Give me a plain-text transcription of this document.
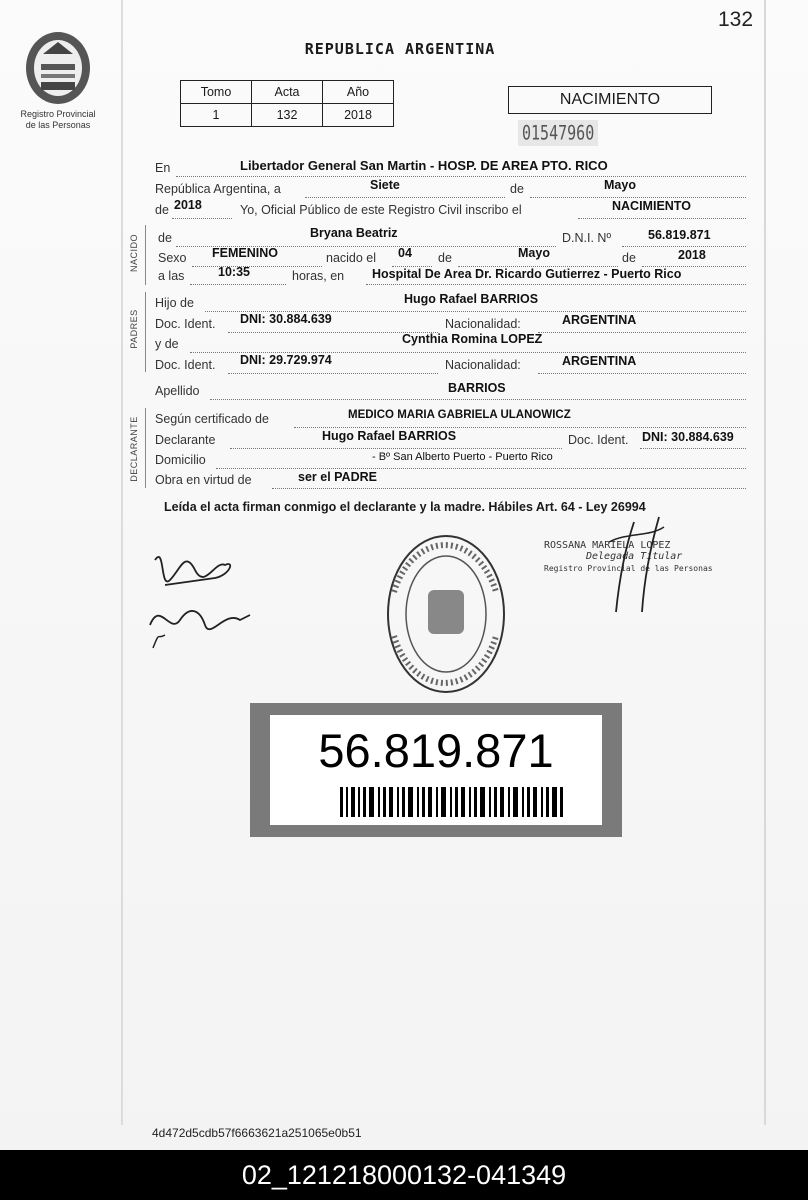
132
Registro Provincial
de las Personas
REPUBLICA ARGENTINA
Tomo	Acta	Año
1	132	2018
NACIMIENTO
01547960
En	Libertador General San Martin - HOSP. DE AREA PTO. RICO
República Argentina, a	Siete	de	Mayo
de 2018	Yo, Oficial Público de este Registro Civil inscribo el	NACIMIENTO
NACIDO de	Bryana Beatriz	D.N.I. Nº	56.819.871
Sexo FEMENINO	nacido el 04 de	Mayo	de	2018
a las	10:35	horas, en Hospital De Area Dr. Ricardo Gutierrez - Puerto Rico
PADRES
Hijo de	Hugo Rafael BARRIOS
Doc. Ident. DNI: 30.884.639	Nacionalidad:	ARGENTINA
y de	Cynthia Romina LOPEZ
Doc. Ident. DNI: 29.729.974	Nacionalidad:	ARGENTINA
Apellido	BARRIOS
DECLARANTE Según certificado de	MEDICO MARIA GABRIELA ULANOWICZ
Declarante	Hugo Rafael BARRIOS	Doc. Ident. DNI: 30.884.639
Domicilio	- Bº San Alberto Puerto - Puerto Rico
Obra en virtud de	ser el PADRE
Leída el acta firman conmigo el declarante y la madre. Hábiles Art. 64 - Ley 26994
ROSSANA MARIELA LOPEZ
Delegada Titular
Registro Provincial de las Personas
56.819.871
4d472d5cdb57f6663621a251065e0b51
02_121218000132-041349
